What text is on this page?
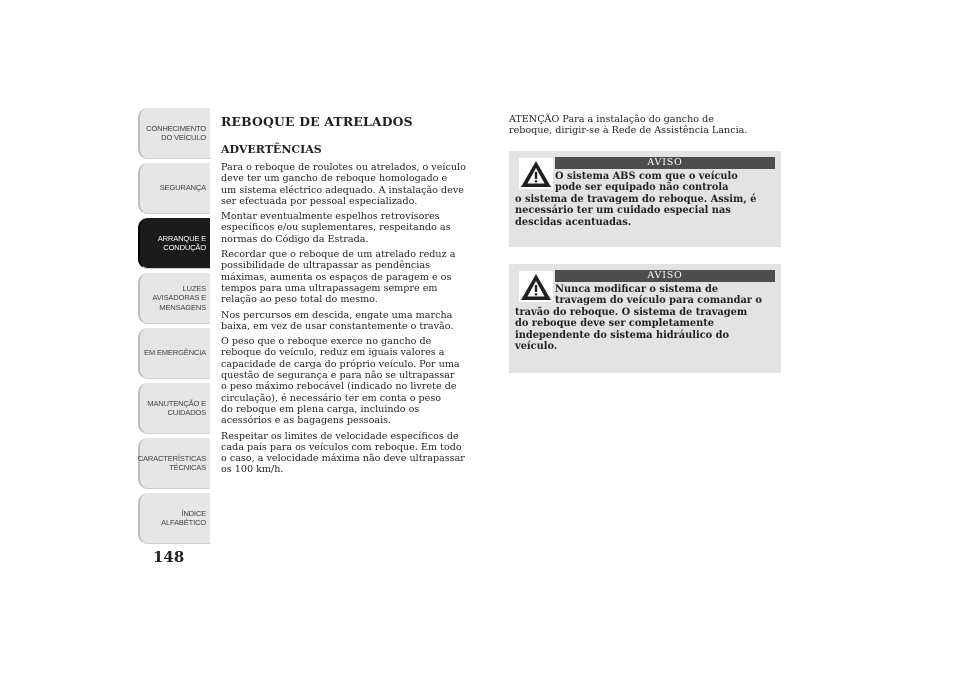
CONHECIMENTO
DO VEÍCULO
SEGURANÇA
ARRANQUE E
CONDUÇÃO
LUZES
AVISADORAS E
MENSAGENS
EM EMERGÊNCIA
MANUTENÇÃO E
CUIDADOS
CARACTERÍSTICAS
TÉCNICAS
ÍNDICE
ALFABÉTICO
148
REBOQUE DE ATRELADOS
ADVERTÊNCIAS

Para o reboque de roulotes ou atrelados, o veículo
deve ter um gancho de reboque homologado e
um sistema eléctrico adequado. A instalação deve
ser efectuada por pessoal especializado.

Montar eventualmente espelhos retrovisores
específicos e/ou suplementares, respeitando as
normas do Código da Estrada.

Recordar que o reboque de um atrelado reduz a
possibilidade de ultrapassar as pendências
máximas, aumenta os espaços de paragem e os
tempos para uma ultrapassagem sempre em
relação ao peso total do mesmo.

Nos percursos em descida, engate uma marcha
baixa, em vez de usar constantemente o travão.

O peso que o reboque exerce no gancho de
reboque do veículo, reduz em iguais valores a
capacidade de carga do próprio veículo. Por uma
questão de segurança e para não se ultrapassar
o peso máximo rebocável (indicado no livrete de
circulação), é necessário ter em conta o peso
do reboque em plena carga, incluindo os
acessórios e as bagagens pessoais.

Respeitar os limites de velocidade específicos de
cada país para os veículos com reboque. Em todo
o caso, a velocidade máxima não deve ultrapassar
os 100 km/h.

ATENÇÃO Para a instalação do gancho de
reboque, dirigir-se à Rede de Assistência Lancia.

AVISO
O sistema ABS com que o veículo
pode ser equipado não controla
o sistema de travagem do reboque. Assim, é
necessário ter um cuidado especial nas
descidas acentuadas.
AVISO
Nunca modificar o sistema de
travagem do veículo para comandar o
travão do reboque. O sistema de travagem
do reboque deve ser completamente
independente do sistema hidráulico do
veículo.
